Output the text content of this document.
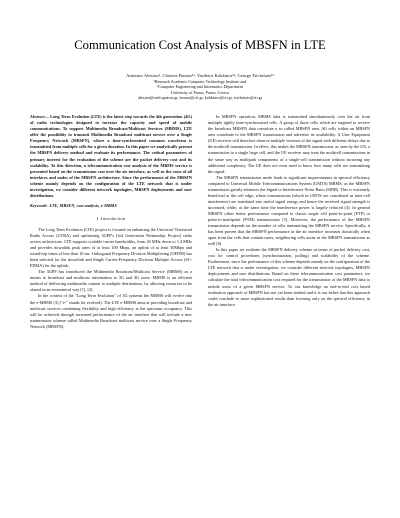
Communication Cost Analysis of MBSFN in LTE
Antonios Alexiou¹, Christos Bouras¹², Vasileios Kokkinos¹², George Tsichritzis¹²
¹Research Academic Computer Technology Institute and
²Computer Engineering and Informatics Department
University of Patras, Patras, Greece
alexiou@ceid.upatras.gr, bouras@cti.gr, kokkinos@cti.gr, tsichritzis@cti.gr

Abstract— Long Term Evolution (LTE) is the latest step towards the 4th generation (4G) of radio technologies designed to increase the capacity and speed of mobile communications. To support Multimedia Broadcast/Multicast Services (MBMS), LTE offer the possibility to transmit Multimedia Broadcast multicast service over a Single Frequency Network (MBSFN), where a time-synchronized common waveform is transmitted from multiple cells for a given duration. In this paper we analytically present the MBSFN delivery method and evaluate its performance. The critical parameters of primary interest for the evaluation of the scheme are the packet delivery cost and its scalability. To this direction, a telecommunication cost analysis of the MBMS service is presented based on the transmission cost over the air interface, as well as the costs of all interfaces and nodes of the MBSFN architecture. Since the performance of the MBSFN scheme mainly depends on the configuration of the LTE network that is under investigation, we consider different network topologies, MBSFN deployments and user distributions.

Keywords- LTE, MBSFN, cost analysis, e-MBMS

I. Introduction

The Long Term Evolution (LTE) project is focused on enhancing the Universal Terrestrial Radio Access (UTRA) and optimizing 3GPP's (3rd Generation Partnership Project) radio access architecture. LTE supports scalable carrier bandwidths, from 20 MHz down to 1.4 MHz and provides downlink peak rates of at least 100 Mbps, an uplink of at least 50Mbps and round-trip times of less than 10 ms. Orthogonal Frequency Division Multiplexing (OFDM) has been selected for the downlink and Single Carrier-Frequency Division Multiple Access (SC-FDMA) for the uplink.

The 3GPP has introduced the Multimedia Broadcast/Multicast Service (MBMS) as a means to broadcast and multicast information to 3G and 4G users. MBMS is an efficient method of delivering multimedia content to multiple destinations, by allowing resources to be shared in an economical way [1], [2].

In the context of the "Long Term Evolution" of 3G systems the MBMS will evolve into the e-MBMS [3] ("e-" stands for evolved). The LTE e-MBMS aims at providing broadcast and multicast services combining flexibility and high efficiency at the spectrum occupancy. This will be achieved through increased performance of the air interface that will include a new transmission scheme called Multimedia Broadcast multicast service over a Single Frequency Network (MBSFN).

In MBSFN operation, MBMS data is transmitted simultaneously over the air from multiple tightly time-synchronized cells. A group of those cells which are targeted to receive the broadcast MBSFN data constitute a so called MBSFN area. All cells within an MBSFN area contribute to the MBSFN transmission and advertise its availability. A User Equipment (UE) receiver will therefore observe multiple versions of the signal with different delays due to the multicell transmission. In effect, this makes the MBSFN transmission, as seen by the UE, a transmission to a single large cell, and the UE receiver may treat the multicell transmissions in the same way as multipath components of a single-cell transmission without incurring any additional complexity. The UE does not even need to know how many cells are transmitting the signal.

The MBSFN transmission mode leads to significant improvements in spectral efficiency compared to Universal Mobile Telecommunications System (UMTS) MBMS, as the MBSFN transmission greatly enhances the Signal to Interference Noise Ratio (SINR). This is extremely beneficial at the cell edge, where transmissions (which in UMTS are considered as inter-cell interference) are translated into useful signal energy and hence the received signal strength is increased, while, at the same time the interference power is largely reduced [4]. In general MBSFN offers better performance compared to classic single cell point-to-point (PTP) or point-to-multipoint (PTM) transmissions [5]. Moreover, the performance of the MBSFN transmission depends on the number of cells transmitting the MBSFN service. Specifically, it has been proven that the MBSFN performance in the air interface increases drastically when apart from the cells that contain users, neighboring cells assist in the MBSFN transmission as well [6].

In this paper we evaluate the MBSFN delivery scheme in terms of packet delivery cost, cost for control procedures (synchronization, polling) and scalability of the scheme. Furthermore, since the performance of this scheme depends mainly on the configuration of the LTE network that is under investigation, we consider different network topologies, MBSFN deployments and user distributions. Based on these telecommunication cost parameters, we calculate the total telecommunication cost required for the transmission of the MBSFN data to mobile users of a given MBSFN service. To our knowledge an end-to-end cost based evaluation approach of MBSFN has not yet been studied and it is our belief that this approach could conclude to more sophisticated results than focusing only on the spectral efficiency in the air interface.
